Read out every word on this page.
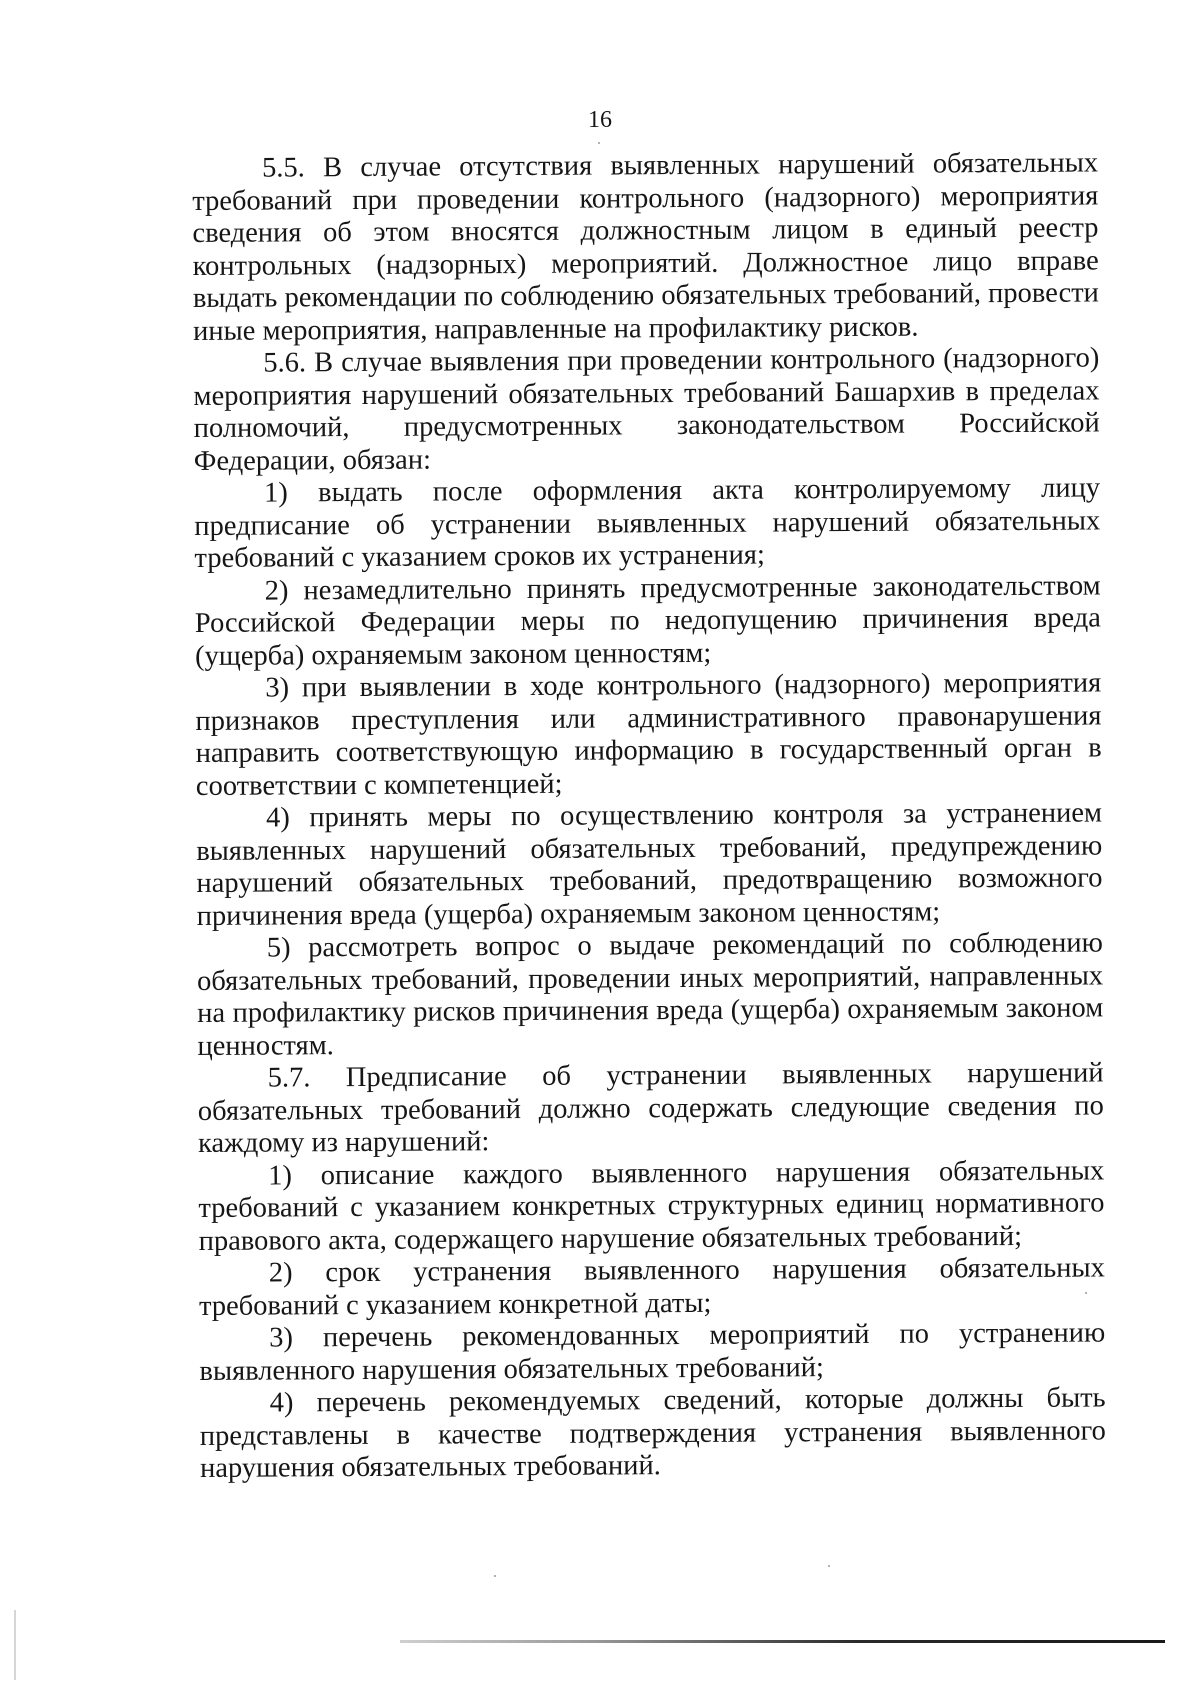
16

5.5. В случае отсутствия выявленных нарушений обязательных требований при проведении контрольного (надзорного) мероприятия сведения об этом вносятся должностным лицом в единый реестр контрольных (надзорных) мероприятий. Должностное лицо вправе выдать рекомендации по соблюдению обязательных требований, провести иные мероприятия, направленные на профилактику рисков.

5.6. В случае выявления при проведении контрольного (надзорного) мероприятия нарушений обязательных требований Башархив в пределах полномочий, предусмотренных законодательством Российской Федерации, обязан:

1) выдать после оформления акта контролируемому лицу предписание об устранении выявленных нарушений обязательных требований с указанием сроков их устранения;

2) незамедлительно принять предусмотренные законодательством Российской Федерации меры по недопущению причинения вреда (ущерба) охраняемым законом ценностям;

3) при выявлении в ходе контрольного (надзорного) мероприятия признаков преступления или административного правонарушения направить соответствующую информацию в государственный орган в соответствии с компетенцией;

4) принять меры по осуществлению контроля за устранением выявленных нарушений обязательных требований, предупреждению нарушений обязательных требований, предотвращению возможного причинения вреда (ущерба) охраняемым законом ценностям;

5) рассмотреть вопрос о выдаче рекомендаций по соблюдению обязательных требований, проведении иных мероприятий, направленных на профилактику рисков причинения вреда (ущерба) охраняемым законом ценностям.

5.7. Предписание об устранении выявленных нарушений обязательных требований должно содержать следующие сведения по каждому из нарушений:

1) описание каждого выявленного нарушения обязательных требований с указанием конкретных структурных единиц нормативного правового акта, содержащего нарушение обязательных требований;

2) срок устранения выявленного нарушения обязательных требований с указанием конкретной даты;

3) перечень рекомендованных мероприятий по устранению выявленного нарушения обязательных требований;

4) перечень рекомендуемых сведений, которые должны быть представлены в качестве подтверждения устранения выявленного нарушения обязательных требований.
